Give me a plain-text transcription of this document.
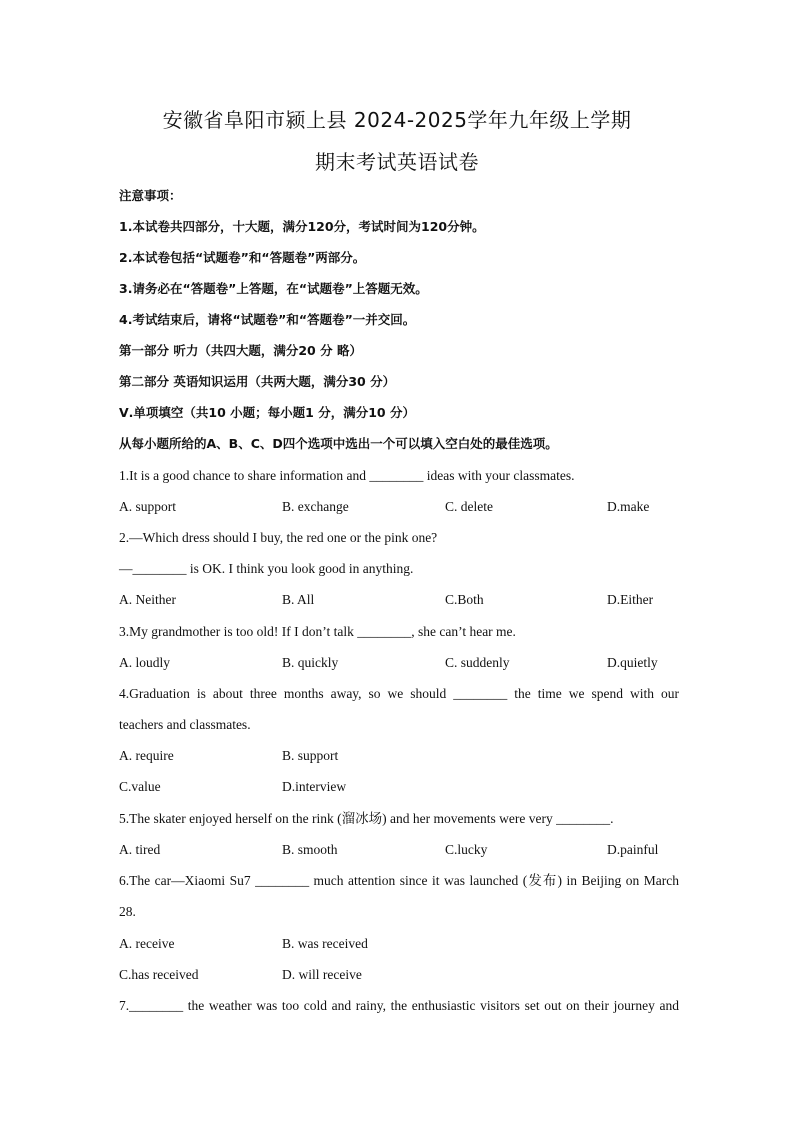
安徽省阜阳市颍上县 2024-2025学年九年级上学期
期末考试英语试卷
注意事项：
1.本试卷共四部分，十大题，满分120分，考试时间为120分钟。
2.本试卷包括“试题卷”和“答题卷”两部分。
3.请务必在“答题卷”上答题，在“试题卷”上答题无效。
4.考试结束后，请将“试题卷”和“答题卷”一并交回。
第一部分 听力（共四大题，满分20 分 略）
第二部分 英语知识运用（共两大题，满分30 分）
Ⅴ.单项填空（共10 小题；每小题1 分，满分10 分）
从每小题所给的A、B、C、D四个选项中选出一个可以填入空白处的最佳选项。
1.It is a good chance to share information and ________ ideas with your classmates.
A. support	B. exchange	C. delete	D.make
2.—Which dress should I buy, the red one or the pink one?
—________ is OK. I think you look good in anything.
A. Neither	B. All	C.Both	D.Either
3.My grandmother is too old! If I don’t talk ________, she can’t hear me.
A. loudly	B. quickly	C. suddenly	D.quietly
4.Graduation is about three months away, so we should ________ the time we spend with our
teachers and classmates.
A. require	B. support
C.value	D.interview
5.The skater enjoyed herself on the rink (溜冰场) and her movements were very ________.
A. tired	B. smooth	C.lucky	D.painful
6.The car—Xiaomi Su7 ________ much attention since it was launched (发布) in Beijing on March
28.
A. receive	B. was received
C.has received	D. will receive
7.________ the weather was too cold and rainy, the enthusiastic visitors set out on their journey and
